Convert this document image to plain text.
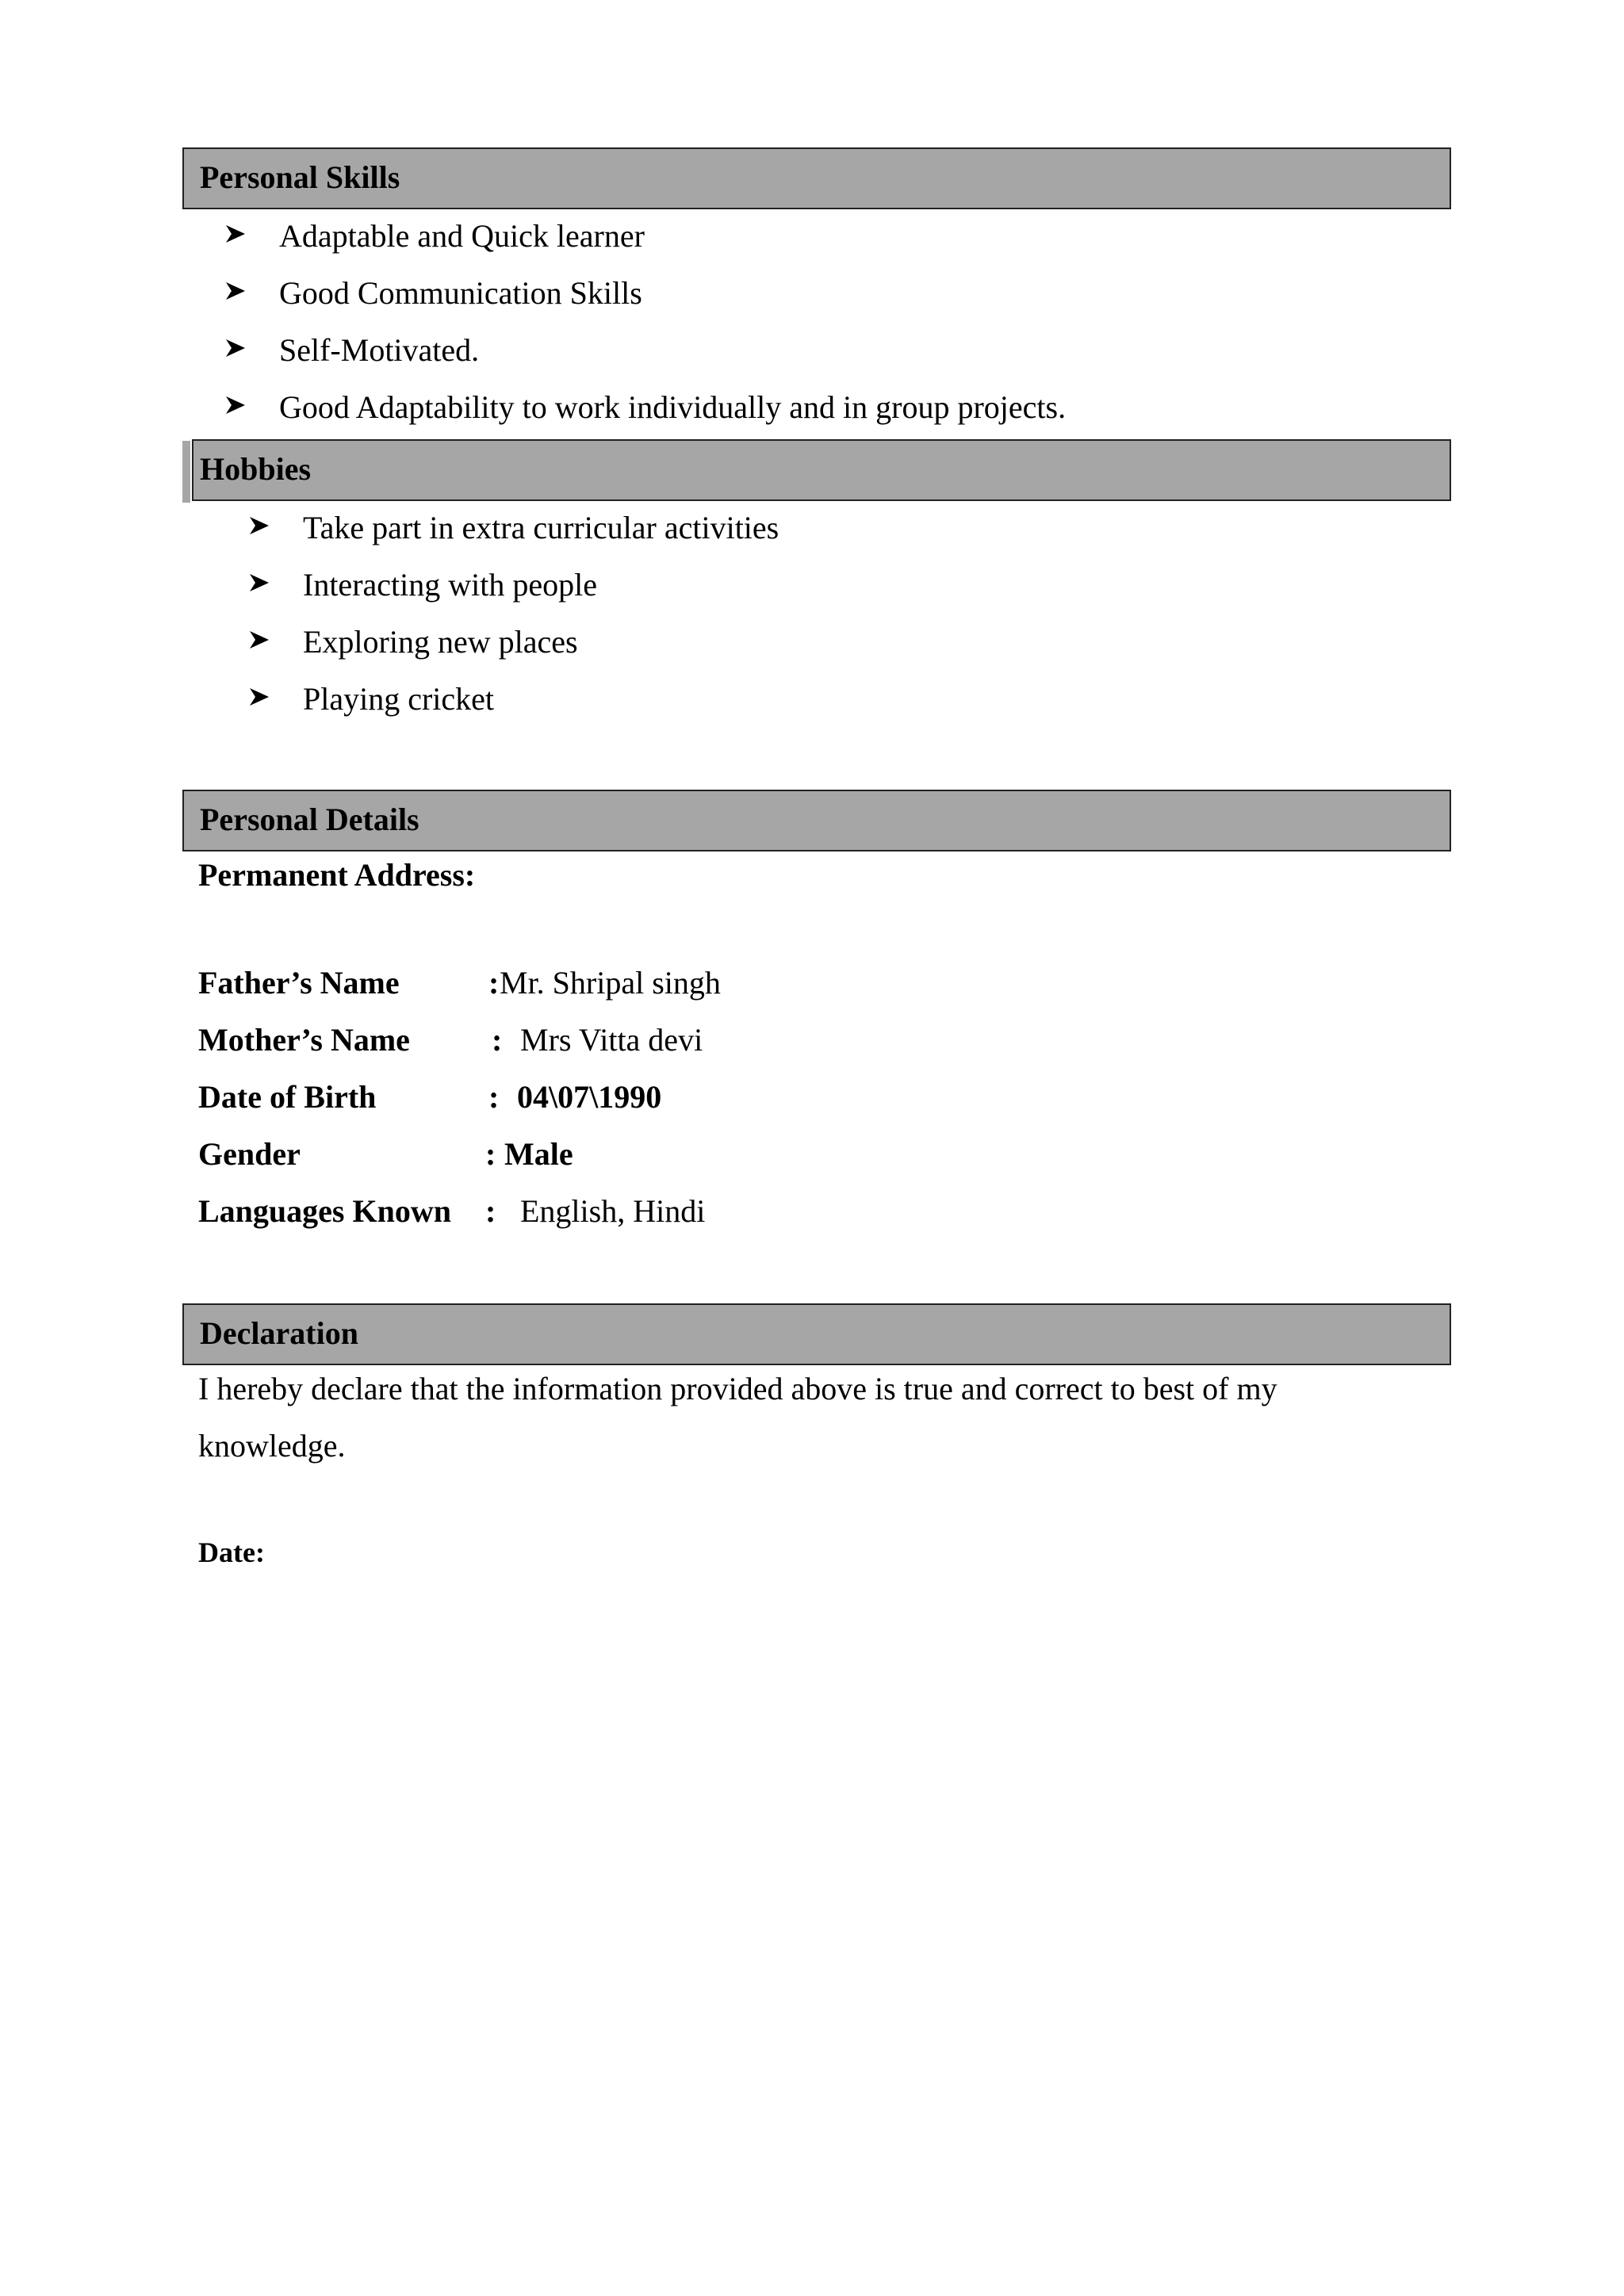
Personal Skills
Adaptable and Quick learner
Good Communication Skills
Self-Motivated.
Good Adaptability to work individually and in group projects.
Hobbies
Take part in extra curricular activities
Interacting with people
Exploring new places
Playing cricket
Personal Details
Permanent Address:
Father’s Name	: Mr. Shripal singh
Mother’s Name	: Mrs Vitta devi
Date of Birth	: 04\07\1990
Gender	: Male
Languages Known : English, Hindi
Declaration
I hereby declare that the information provided above is true and correct to best of my
knowledge.
Date:
